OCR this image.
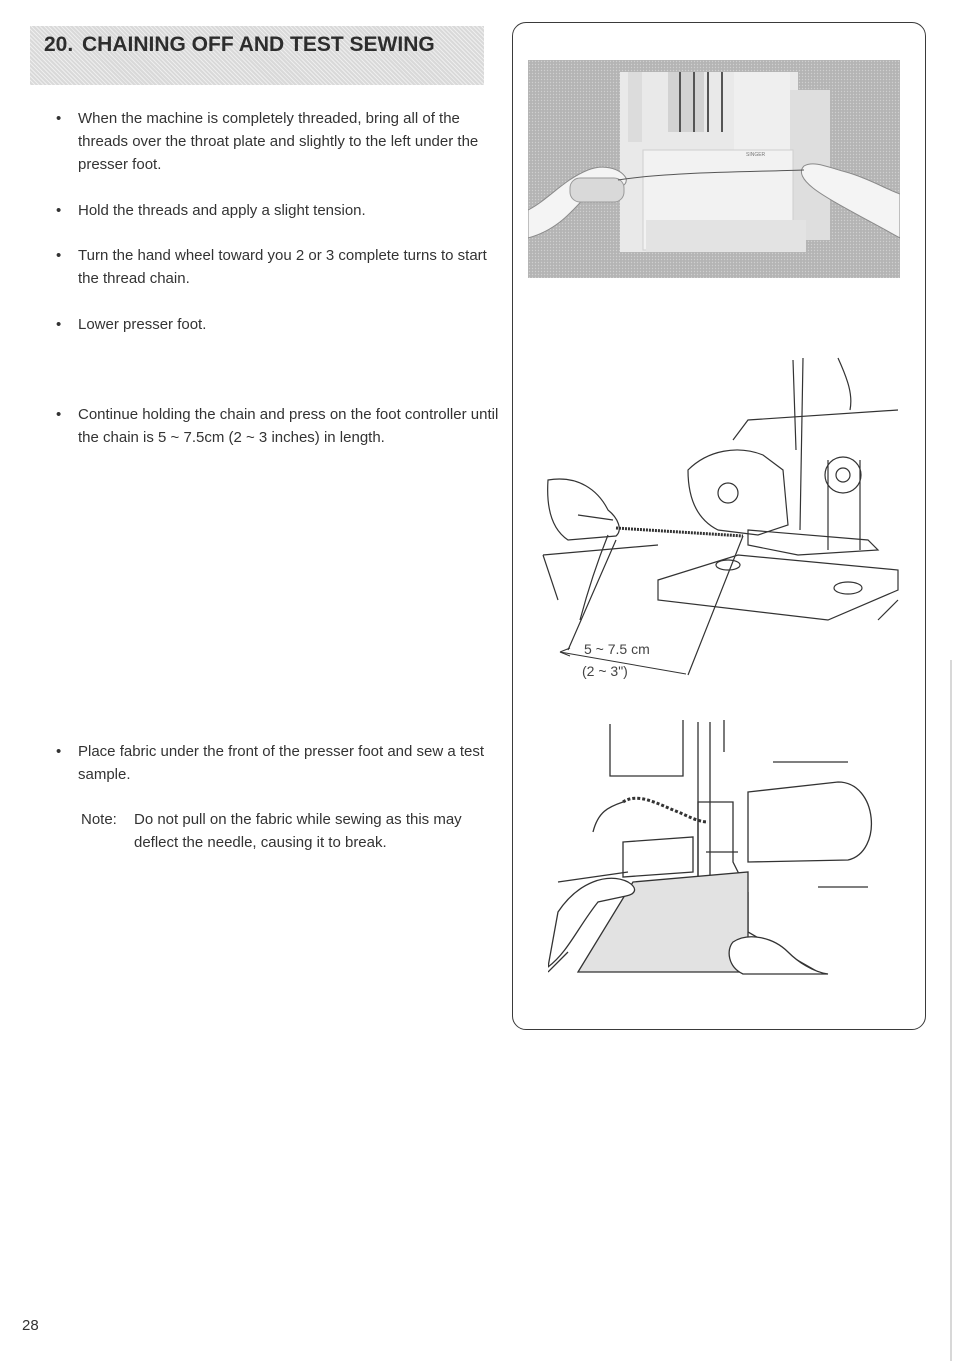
20. CHAINING OFF AND TEST SEWING
• When the machine is completely threaded, bring all of the threads over the throat plate and slightly to the left under the presser foot.
• Hold the threads and apply a slight tension.
• Turn the hand wheel toward you 2 or 3 complete turns to start the thread chain.
• Lower presser foot.
• Continue holding the chain and press on the foot controller until the chain is 5 ~ 7.5cm (2 ~ 3 inches) in length.
• Place fabric under the front of the presser foot and sew a test sample.
Note: Do not pull on the fabric while sewing as this may deflect the needle, causing it to break.
28
SINGER
5 ~ 7.5 cm
(2 ~ 3")
